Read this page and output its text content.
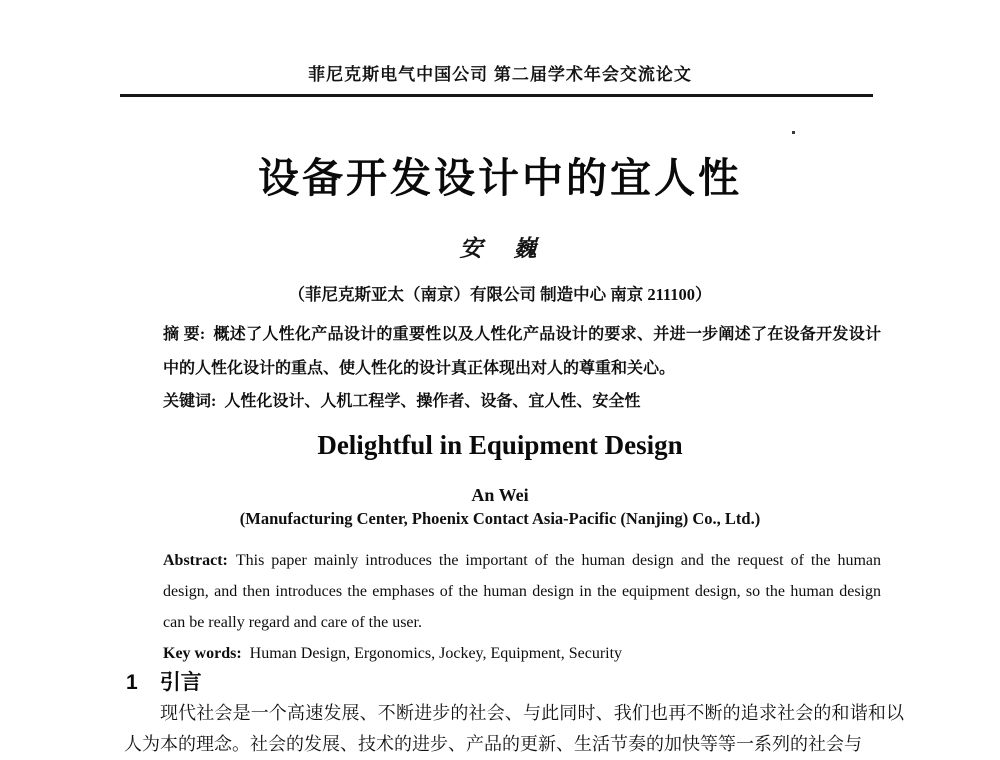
菲尼克斯电气中国公司 第二届学术年会交流论文
设备开发设计中的宜人性
安　巍
（菲尼克斯亚太（南京）有限公司 制造中心 南京 211100）

摘 要: 概述了人性化产品设计的重要性以及人性化产品设计的要求、并进一步阐述了在设备开发设计中的人性化设计的重点、使人性化的设计真正体现出对人的尊重和关心。

关键词: 人性化设计、人机工程学、操作者、设备、宜人性、安全性

Delightful in Equipment Design
An Wei
(Manufacturing Center, Phoenix Contact Asia-Pacific (Nanjing) Co., Ltd.)

Abstract: This paper mainly introduces the important of the human design and the request of the human design, and then introduces the emphases of the human design in the equipment design, so the human design can be really regard and care of the user.

Key words: Human Design, Ergonomics, Jockey, Equipment, Security

1 引言

现代社会是一个高速发展、不断进步的社会、与此同时、我们也再不断的追求社会的和谐和以人为本的理念。社会的发展、技术的进步、产品的更新、生活节奏的加快等等一系列的社会与
